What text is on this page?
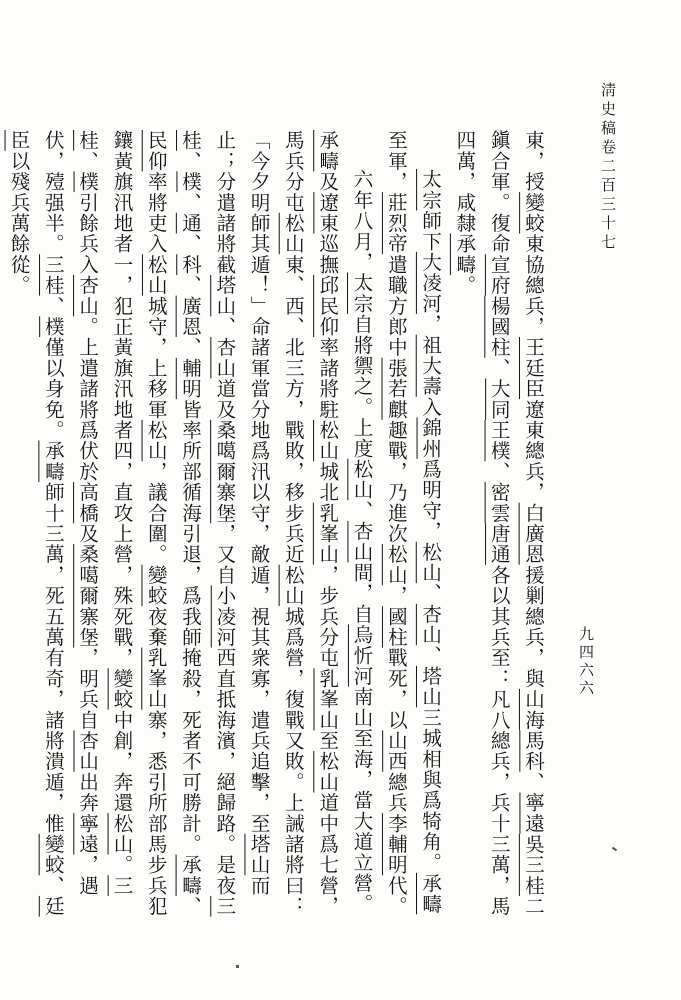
淸史稿卷二百三十七
九四六六

東，授變蛟東協總兵，王廷臣遼東總兵，白廣恩援剿總兵，與山海馬科、寧遠吳三桂二鎭合軍。復命宣府楊國柱、大同王樸、密雲唐通各以其兵至：凡八總兵，兵十三萬，馬四萬，咸隸承疇。

太宗師下大凌河，祖大壽入錦州爲明守，松山、杏山、塔山三城相與爲犄角。承疇至軍，莊烈帝遣職方郎中張若麒趣戰，乃進次松山，國柱戰死，以山西總兵李輔明代。

六年八月，太宗自將禦之。上度松山、杏山間，自烏忻河南山至海，當大道立營。承疇及遼東巡撫邱民仰率諸將駐松山城北乳峯山，步兵分屯乳峯山至松山道中爲七營，馬兵分屯松山東、西、北三方，戰敗，移步兵近松山城爲營，復戰又敗。上誡諸將曰：「今夕明師其遁！」命諸軍當分地爲汛以守，敵遁，視其衆寡，遣兵追擊，至塔山而止；分遣諸將截塔山、杏山道及桑噶爾寨堡，又自小凌河西直抵海濱，絕歸路。是夜三桂、樸、通、科、廣恩、輔明皆率所部循海引退，爲我師掩殺，死者不可勝計。承疇、民仰率將吏入松山城守，上移軍松山，議合圍。變蛟夜棄乳峯山寨，悉引所部馬步兵犯鑲黃旗汛地者一，犯正黃旗汛地者四，直攻上營，殊死戰，變蛟中創，奔還松山。三桂、樸引餘兵入杏山。上遣諸將爲伏於高橋及桑噶爾寨堡，明兵自杏山出奔寧遠，遇伏，殪强半。三桂、樸僅以身免。承疇師十三萬，死五萬有奇，諸將潰遁，惟變蛟、廷臣以殘兵萬餘從。
